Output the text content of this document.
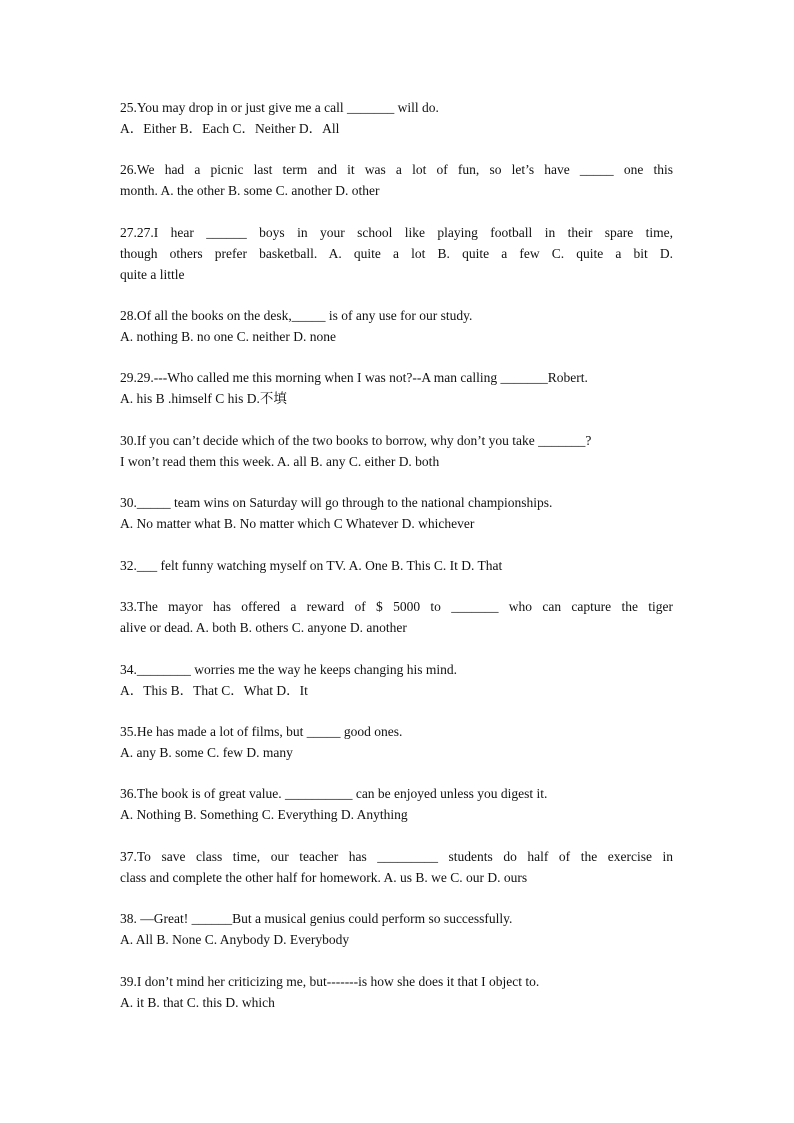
25.You may drop in or just give me a call _______ will do.

A．Either B．Each C．Neither D．All

26.We had a picnic last term and it was a lot of fun, so let’s have _____ one this

month. A. the other B. some C. another D. other

27.27.I hear ______ boys in your school like playing football in their spare time,

though others prefer basketball. A. quite a lot B. quite a few C. quite a bit D.

quite a little

28.Of all the books on the desk,_____ is of any use for our study.

A. nothing B. no one C. neither D. none

29.29.---Who called me this morning when I was not?--A man calling _______Robert.

A. his B .himself C his D.不填

30.If you can’t decide which of the two books to borrow, why don’t you take _______?

I won’t read them this week. A. all B. any C. either D. both

30._____ team wins on Saturday will go through to the national championships.

A. No matter what B. No matter which C Whatever D. whichever

32.___ felt funny watching myself on TV. A. One B. This C. It D. That

33.The mayor has offered a reward of $ 5000 to _______ who can capture the tiger

alive or dead. A. both B. others C. anyone D. another

34.________ worries me the way he keeps changing his mind.

A．This B．That C．What D．It

35.He has made a lot of films, but _____ good ones.

A. any B. some C. few D. many

36.The book is of great value. __________ can be enjoyed unless you digest it.

A. Nothing B. Something C. Everything D. Anything

37.To save class time, our teacher has _________ students do half of the exercise in

class and complete the other half for homework. A. us B. we C. our D. ours

38. —Great! ______But a musical genius could perform so successfully.

A. All B. None C. Anybody D. Everybody

39.I don’t mind her criticizing me, but-------is how she does it that I object to.

A. it B. that C. this D. which
